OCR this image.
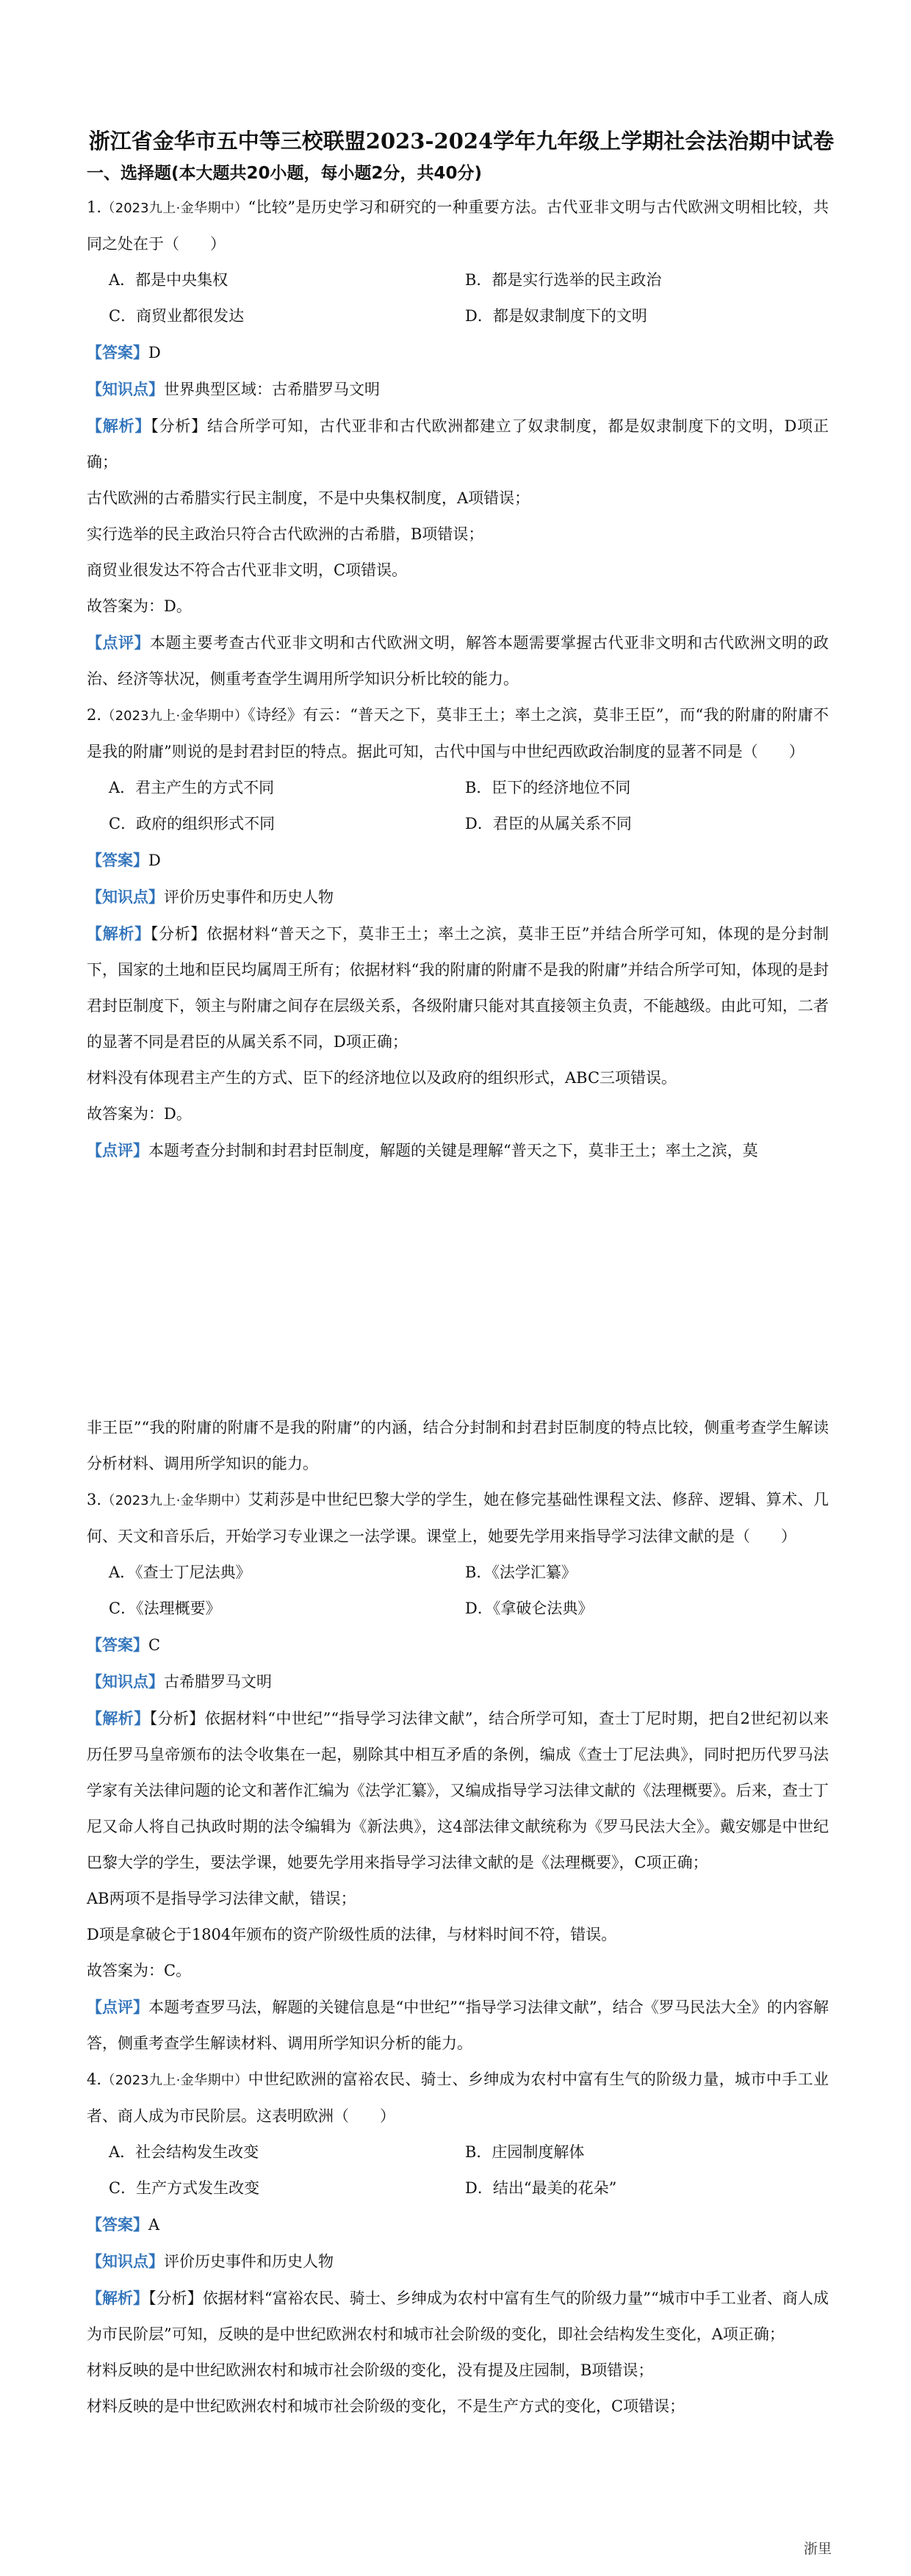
浙江省金华市五中等三校联盟2023-2024学年九年级上学期社会法治期中试卷
一、选择题(本大题共20小题，每小题2分，共40分)

1.（2023九上·金华期中）“比较”是历史学习和研究的一种重要方法。古代亚非文明与古代欧洲文明相比较，共同之处在于（　　）

A．都是中央集权	B．都是实行选举的民主政治
C．商贸业都很发达	D．都是奴隶制度下的文明

【答案】D

【知识点】世界典型区域：古希腊罗马文明

【解析】【分析】结合所学可知，古代亚非和古代欧洲都建立了奴隶制度，都是奴隶制度下的文明，D项正确；

古代欧洲的古希腊实行民主制度，不是中央集权制度，A项错误；

实行选举的民主政治只符合古代欧洲的古希腊，B项错误；

商贸业很发达不符合古代亚非文明，C项错误。

故答案为：D。

【点评】本题主要考查古代亚非文明和古代欧洲文明，解答本题需要掌握古代亚非文明和古代欧洲文明的政治、经济等状况，侧重考查学生调用所学知识分析比较的能力。

2.（2023九上·金华期中）《诗经》有云：“普天之下，莫非王土；率土之滨，莫非王臣”，而“我的附庸的附庸不是我的附庸”则说的是封君封臣的特点。据此可知，古代中国与中世纪西欧政治制度的显著不同是（　　）

A．君主产生的方式不同	B．臣下的经济地位不同
C．政府的组织形式不同	D．君臣的从属关系不同

【答案】D

【知识点】评价历史事件和历史人物

【解析】【分析】依据材料“普天之下，莫非王土；率土之滨，莫非王臣”并结合所学可知，体现的是分封制下，国家的土地和臣民均属周王所有；依据材料“我的附庸的附庸不是我的附庸”并结合所学可知，体现的是封君封臣制度下，领主与附庸之间存在层级关系，各级附庸只能对其直接领主负责，不能越级。由此可知，二者的显著不同是君臣的从属关系不同，D项正确；

材料没有体现君主产生的方式、臣下的经济地位以及政府的组织形式，ABC三项错误。

故答案为：D。

【点评】本题考查分封制和封君封臣制度，解题的关键是理解“普天之下，莫非王土；率土之滨，莫

非王臣”“我的附庸的附庸不是我的附庸”的内涵，结合分封制和封君封臣制度的特点比较，侧重考查学生解读分析材料、调用所学知识的能力。

3.（2023九上·金华期中）艾莉莎是中世纪巴黎大学的学生，她在修完基础性课程文法、修辞、逻辑、算术、几何、天文和音乐后，开始学习专业课之一法学课。课堂上，她要先学用来指导学习法律文献的是（　　）

A．《查士丁尼法典》	B．《法学汇纂》
C．《法理概要》	D．《拿破仑法典》

【答案】C

【知识点】古希腊罗马文明

【解析】【分析】依据材料“中世纪”“指导学习法律文献”，结合所学可知，查士丁尼时期，把自2世纪初以来历任罗马皇帝颁布的法令收集在一起，剔除其中相互矛盾的条例，编成《查士丁尼法典》，同时把历代罗马法学家有关法律问题的论文和著作汇编为《法学汇纂》，又编成指导学习法律文献的《法理概要》。后来，查士丁尼又命人将自己执政时期的法令编辑为《新法典》，这4部法律文献统称为《罗马民法大全》。戴安娜是中世纪巴黎大学的学生，要法学课，她要先学用来指导学习法律文献的是《法理概要》，C项正确；

AB两项不是指导学习法律文献，错误；

D项是拿破仑于1804年颁布的资产阶级性质的法律，与材料时间不符，错误。

故答案为：C。

【点评】本题考查罗马法，解题的关键信息是“中世纪”“指导学习法律文献”，结合《罗马民法大全》的内容解答，侧重考查学生解读材料、调用所学知识分析的能力。

4.（2023九上·金华期中）中世纪欧洲的富裕农民、骑士、乡绅成为农村中富有生气的阶级力量，城市中手工业者、商人成为市民阶层。这表明欧洲（　　）

A．社会结构发生改变	B．庄园制度解体
C．生产方式发生改变	D．结出“最美的花朵”

【答案】A

【知识点】评价历史事件和历史人物

【解析】【分析】依据材料“富裕农民、骑士、乡绅成为农村中富有生气的阶级力量”“城市中手工业者、商人成为市民阶层”可知，反映的是中世纪欧洲农村和城市社会阶级的变化，即社会结构发生变化，A项正确；

材料反映的是中世纪欧洲农村和城市社会阶级的变化，没有提及庄园制，B项错误；

材料反映的是中世纪欧洲农村和城市社会阶级的变化，不是生产方式的变化，C项错误；

浙里
